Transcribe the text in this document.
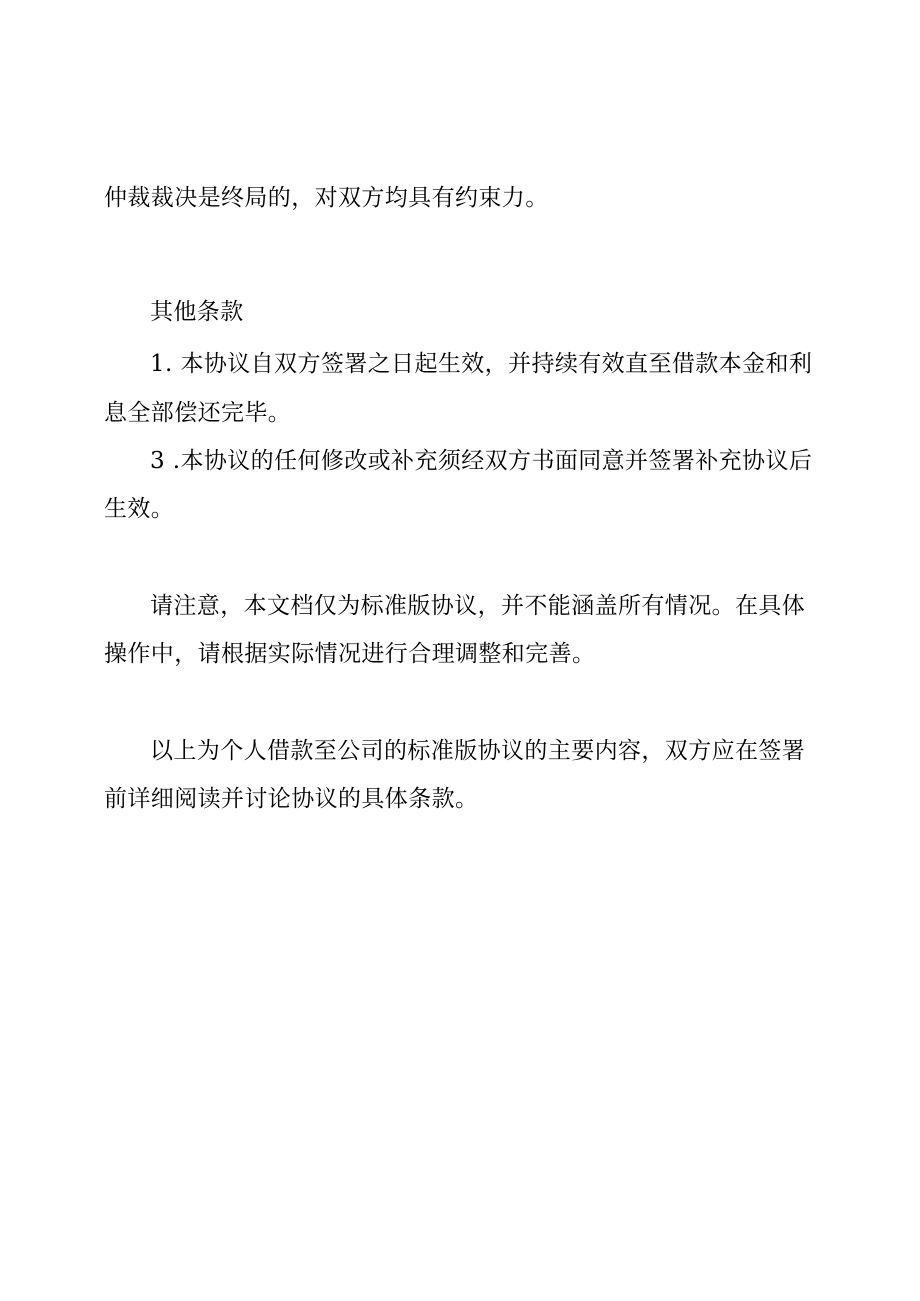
仲裁裁决是终局的，对双方均具有约束力。
其他条款
1. 本协议自双方签署之日起生效，并持续有效直至借款本金和利
息全部偿还完毕。
3 .本协议的任何修改或补充须经双方书面同意并签署补充协议后
生效。
请注意，本文档仅为标准版协议，并不能涵盖所有情况。在具体
操作中，请根据实际情况进行合理调整和完善。
以上为个人借款至公司的标准版协议的主要内容，双方应在签署
前详细阅读并讨论协议的具体条款。
